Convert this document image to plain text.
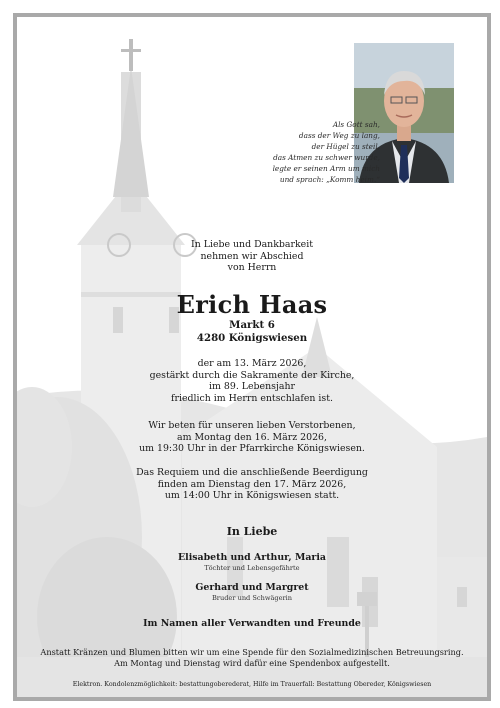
Als Gott sah,
dass der Weg zu lang,
der Hügel zu steil,
das Atmen zu schwer wurde,
legte er seinen Arm um mich
und sprach: „Komm heim.“
In Liebe und Dankbarkeit
nehmen wir Abschied
von Herrn
Erich Haas
Markt 6
4280 Königswiesen
der am 13. März 2026,
gestärkt durch die Sakramente der Kirche,
im 89. Lebensjahr
friedlich im Herrn entschlafen ist.
Wir beten für unseren lieben Verstorbenen,
am Montag den 16. März 2026,
um 19:30 Uhr in der Pfarrkirche Königswiesen.
Das Requiem und die anschließende Beerdigung
finden am Dienstag den 17. März 2026,
um 14:00 Uhr in Königswiesen statt.
In Liebe
Elisabeth und Arthur, Maria
Töchter und Lebensgefährte
Gerhard und Margret
Bruder und Schwägerin
Im Namen aller Verwandten und Freunde
Anstatt Kränzen und Blumen bitten wir um eine Spende für den Sozialmedizinischen Betreuungsring.
Am Montag und Dienstag wird dafür eine Spendenbox aufgestellt.
Elektron. Kondolenzmöglichkeit: bestattungoberederat, Hilfe im Trauerfall: Bestattung Obereder, Königswiesen
